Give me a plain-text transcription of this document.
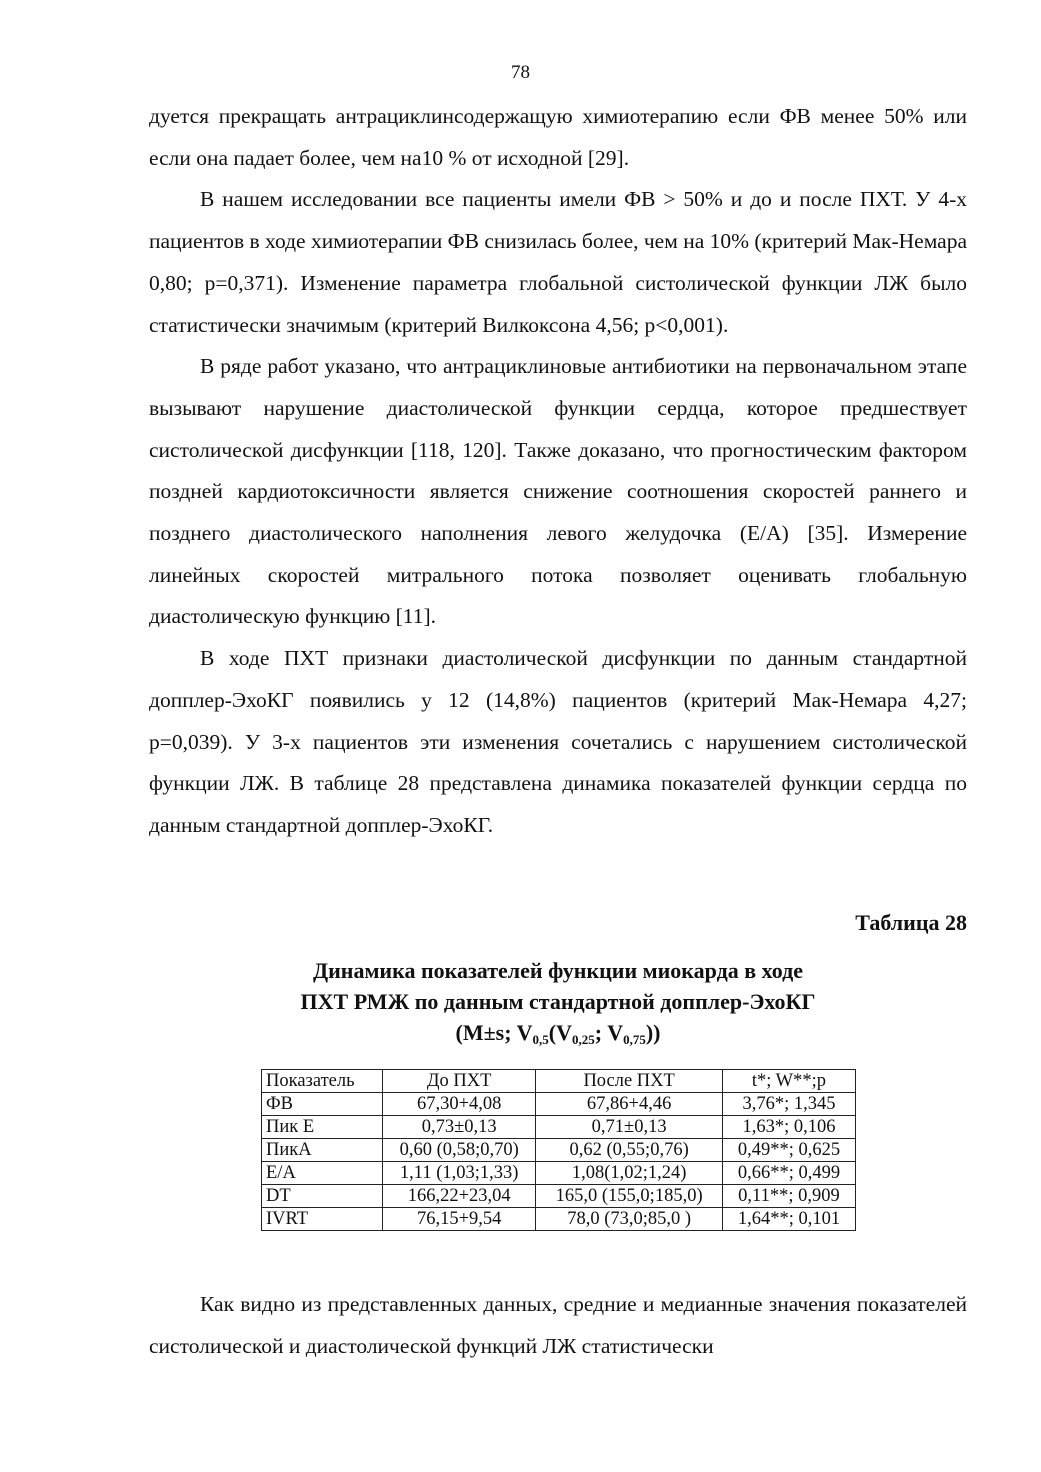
78

дуется прекращать антрациклинсодержащую химиотерапию если ФВ менее 50% или если она падает более, чем на10 % от исходной [29].

В нашем исследовании все пациенты имели ФВ > 50% и до и после ПХТ. У 4-х пациентов в ходе химиотерапии ФВ снизилась более, чем на 10% (критерий Мак-Немара 0,80; p=0,371). Изменение параметра глобальной систолической функции ЛЖ было статистически значимым (критерий Вилкоксона 4,56; p<0,001).

В ряде работ указано, что антрациклиновые антибиотики на первоначальном этапе вызывают нарушение диастолической функции сердца, которое предшествует систолической дисфункции [118, 120]. Также доказано, что прогностическим фактором поздней кардиотоксичности является снижение соотношения скоростей раннего и позднего диастолического наполнения левого желудочка (Е/А) [35]. Измерение линейных скоростей митрального потока позволяет оценивать глобальную диастолическую функцию [11].

В ходе ПХТ признаки диастолической дисфункции по данным стандартной допплер-ЭхоКГ появились у 12 (14,8%) пациентов (критерий Мак-Немара 4,27; p=0,039). У 3-х пациентов эти изменения сочетались с нарушением систолической функции ЛЖ. В таблице 28 представлена динамика показателей функции сердца по данным стандартной допплер-ЭхоКГ.

Таблица 28
Динамика показателей функции миокарда в ходе
ПХТ РМЖ по данным стандартной допплер-ЭхоКГ
(M±s; $V_{0,5}(V_{0,25}$; $V_{0,75}$))
Показатель	До ПХТ	После ПХТ	t*; W**;p
ФВ	67,30+4,08	67,86+4,46	3,76*; 1,345
Пик Е	0,73±0,13	0,71±0,13	1,63*; 0,106
ПикА	0,60 (0,58;0,70)	0,62 (0,55;0,76)	0,49**; 0,625
Е/А	1,11 (1,03;1,33)	1,08(1,02;1,24)	0,66**; 0,499
DT	166,22+23,04	165,0 (155,0;185,0)	0,11**; 0,909
IVRT	76,15+9,54	78,0 (73,0;85,0 )	1,64**; 0,101

Как видно из представленных данных, средние и медианные значения показателей систолической и диастолической функций ЛЖ статистически
